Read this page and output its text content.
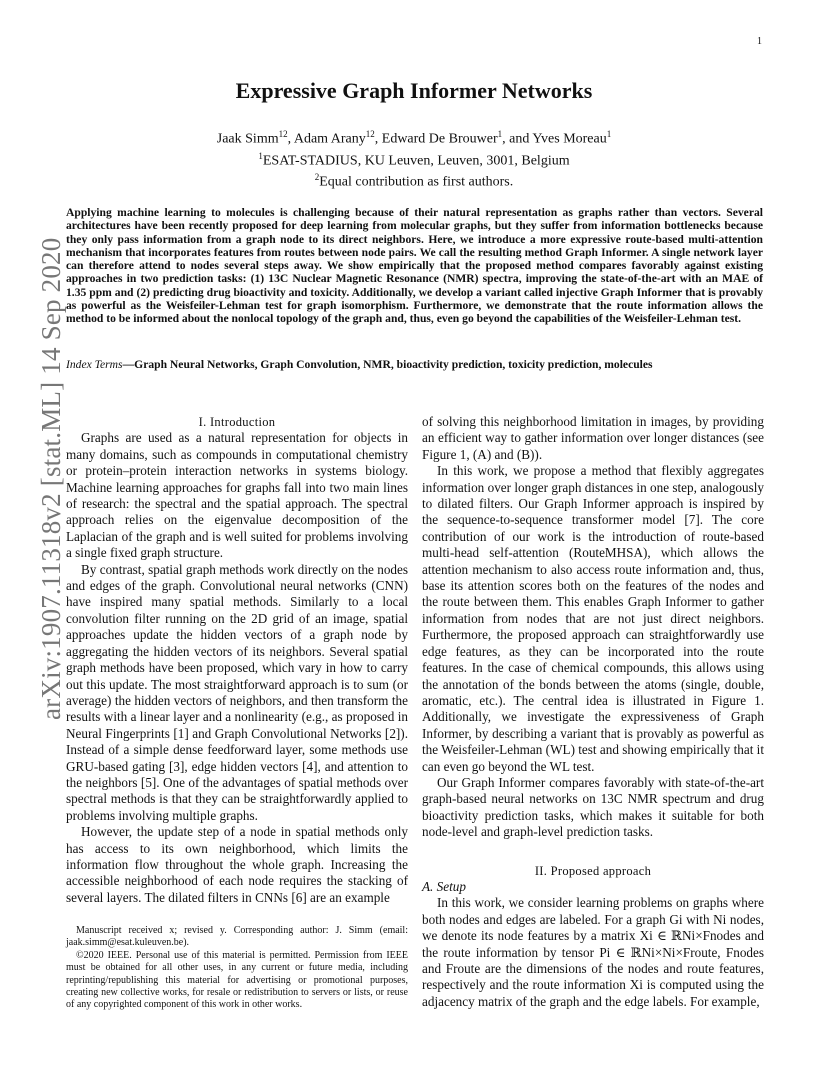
1
arXiv:1907.11318v2 [stat.ML] 14 Sep 2020
Expressive Graph Informer Networks
Jaak Simm$^{12}$, Adam Arany$^{12}$, Edward De Brouwer$^1$, and Yves Moreau$^1$
$^1$ESAT-STADIUS, KU Leuven, Leuven, 3001, Belgium
$^2$Equal contribution as first authors.
Applying machine learning to molecules is challenging because of their natural representation as graphs rather than vectors. Several architectures have been recently proposed for deep learning from molecular graphs, but they suffer from information bottlenecks because they only pass information from a graph node to its direct neighbors. Here, we introduce a more expressive route-based multi-attention mechanism that incorporates features from routes between node pairs. We call the resulting method Graph Informer. A single network layer can therefore attend to nodes several steps away. We show empirically that the proposed method compares favorably against existing approaches in two prediction tasks: (1) 13C Nuclear Magnetic Resonance (NMR) spectra, improving the state-of-the-art with an MAE of 1.35 ppm and (2) predicting drug bioactivity and toxicity. Additionally, we develop a variant called injective Graph Informer that is provably as powerful as the Weisfeiler-Lehman test for graph isomorphism. Furthermore, we demonstrate that the route information allows the method to be informed about the nonlocal topology of the graph and, thus, even go beyond the capabilities of the Weisfeiler-Lehman test.
Index Terms—Graph Neural Networks, Graph Convolution, NMR, bioactivity prediction, toxicity prediction, molecules

I. Introduction

Graphs are used as a natural representation for objects in many domains, such as compounds in computational chemistry or protein–protein interaction networks in systems biology. Machine learning approaches for graphs fall into two main lines of research: the spectral and the spatial approach. The spectral approach relies on the eigenvalue decomposition of the Laplacian of the graph and is well suited for problems involving a single fixed graph structure.

By contrast, spatial graph methods work directly on the nodes and edges of the graph. Convolutional neural networks (CNN) have inspired many spatial methods. Similarly to a local convolution filter running on the 2D grid of an image, spatial approaches update the hidden vectors of a graph node by aggregating the hidden vectors of its neighbors. Several spatial graph methods have been proposed, which vary in how to carry out this update. The most straightforward approach is to sum (or average) the hidden vectors of neighbors, and then transform the results with a linear layer and a nonlinearity (e.g., as proposed in Neural Fingerprints [1] and Graph Convolutional Networks [2]). Instead of a simple dense feedforward layer, some methods use GRU-based gating [3], edge hidden vectors [4], and attention to the neighbors [5]. One of the advantages of spatial methods over spectral methods is that they can be straightforwardly applied to problems involving multiple graphs.

However, the update step of a node in spatial methods only has access to its own neighborhood, which limits the information flow throughout the whole graph. Increasing the accessible neighborhood of each node requires the stacking of several layers. The dilated filters in CNNs [6] are an example

Manuscript received x; revised y. Corresponding author: J. Simm (email: jaak.simm@esat.kuleuven.be).

©2020 IEEE. Personal use of this material is permitted. Permission from IEEE must be obtained for all other uses, in any current or future media, including reprinting/republishing this material for advertising or promotional purposes, creating new collective works, for resale or redistribution to servers or lists, or reuse of any copyrighted component of this work in other works.

of solving this neighborhood limitation in images, by providing an efficient way to gather information over longer distances (see Figure 1, (A) and (B)).

In this work, we propose a method that flexibly aggregates information over longer graph distances in one step, analogously to dilated filters. Our Graph Informer approach is inspired by the sequence-to-sequence transformer model [7]. The core contribution of our work is the introduction of route-based multi-head self-attention (RouteMHSA), which allows the attention mechanism to also access route information and, thus, base its attention scores both on the features of the nodes and the route between them. This enables Graph Informer to gather information from nodes that are not just direct neighbors. Furthermore, the proposed approach can straightforwardly use edge features, as they can be incorporated into the route features. In the case of chemical compounds, this allows using the annotation of the bonds between the atoms (single, double, aromatic, etc.). The central idea is illustrated in Figure 1. Additionally, we investigate the expressiveness of Graph Informer, by describing a variant that is provably as powerful as the Weisfeiler-Lehman (WL) test and showing empirically that it can even go beyond the WL test.

Our Graph Informer compares favorably with state-of-the-art graph-based neural networks on 13C NMR spectrum and drug bioactivity prediction tasks, which makes it suitable for both node-level and graph-level prediction tasks.

II. Proposed approach

A. Setup

In this work, we consider learning problems on graphs where both nodes and edges are labeled. For a graph Gi with Ni nodes, we denote its node features by a matrix Xi ∈ ℝNi×Fnodes and the route information by tensor Pi ∈ ℝNi×Ni×Froute, Fnodes and Froute are the dimensions of the nodes and route features, respectively and the route information Xi is computed using the adjacency matrix of the graph and the edge labels. For example,
